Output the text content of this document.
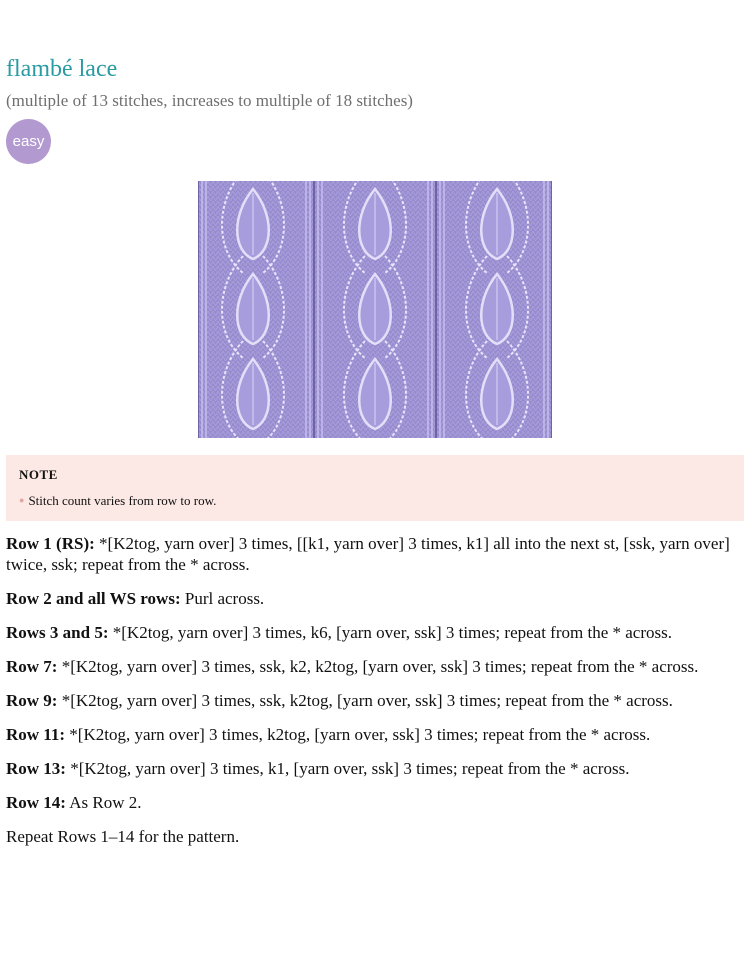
flambé lace
(multiple of 13 stitches, increases to multiple of 18 stitches)
easy
NOTE
● Stitch count varies from row to row.

Row 1 (RS): *[K2tog, yarn over] 3 times, [[k1, yarn over] 3 times, k1] all into the next st, [ssk, yarn over] twice, ssk; repeat from the * across.

Row 2 and all WS rows: Purl across.

Rows 3 and 5: *[K2tog, yarn over] 3 times, k6, [yarn over, ssk] 3 times; repeat from the * across.

Row 7: *[K2tog, yarn over] 3 times, ssk, k2, k2tog, [yarn over, ssk] 3 times; repeat from the * across.

Row 9: *[K2tog, yarn over] 3 times, ssk, k2tog, [yarn over, ssk] 3 times; repeat from the * across.

Row 11: *[K2tog, yarn over] 3 times, k2tog, [yarn over, ssk] 3 times; repeat from the * across.

Row 13: *[K2tog, yarn over] 3 times, k1, [yarn over, ssk] 3 times; repeat from the * across.

Row 14: As Row 2.

Repeat Rows 1–14 for the pattern.
